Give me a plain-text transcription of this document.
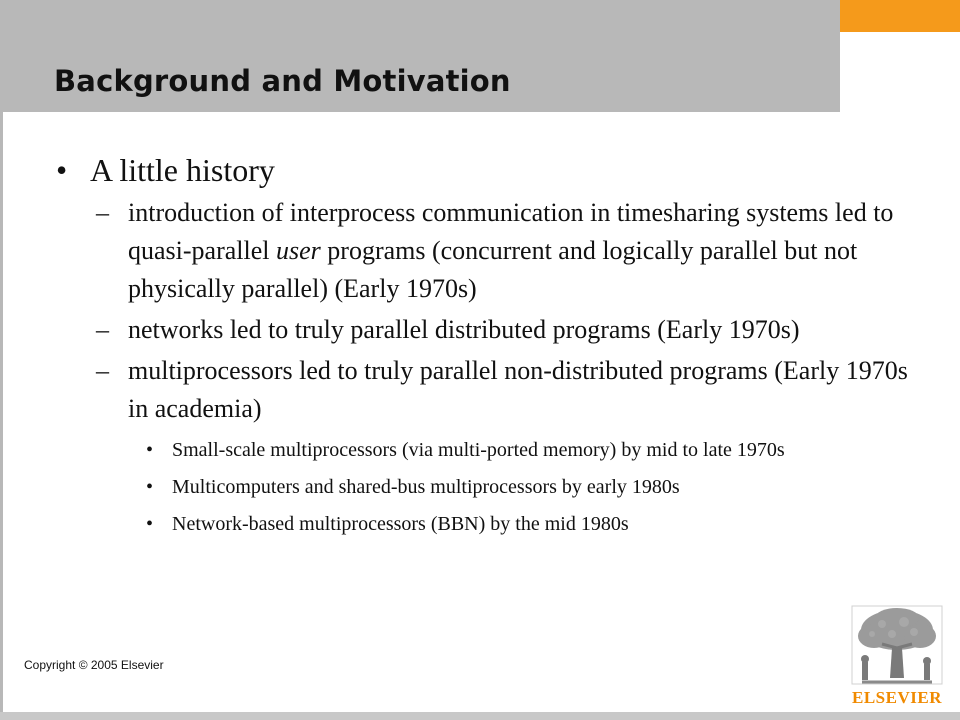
Background and Motivation
• A little history
– introduction of interprocess communication in timesharing systems led to quasi-parallel user programs (concurrent and logically parallel but not physically parallel) (Early 1970s)
– networks led to truly parallel distributed programs (Early 1970s)
– multiprocessors led to truly parallel non-distributed programs (Early 1970s in academia)
• Small-scale multiprocessors (via multi-ported memory) by mid to late 1970s
• Multicomputers and shared-bus multiprocessors by early 1980s
• Network-based multiprocessors (BBN) by the mid 1980s
Copyright © 2005 Elsevier
ELSEVIER
